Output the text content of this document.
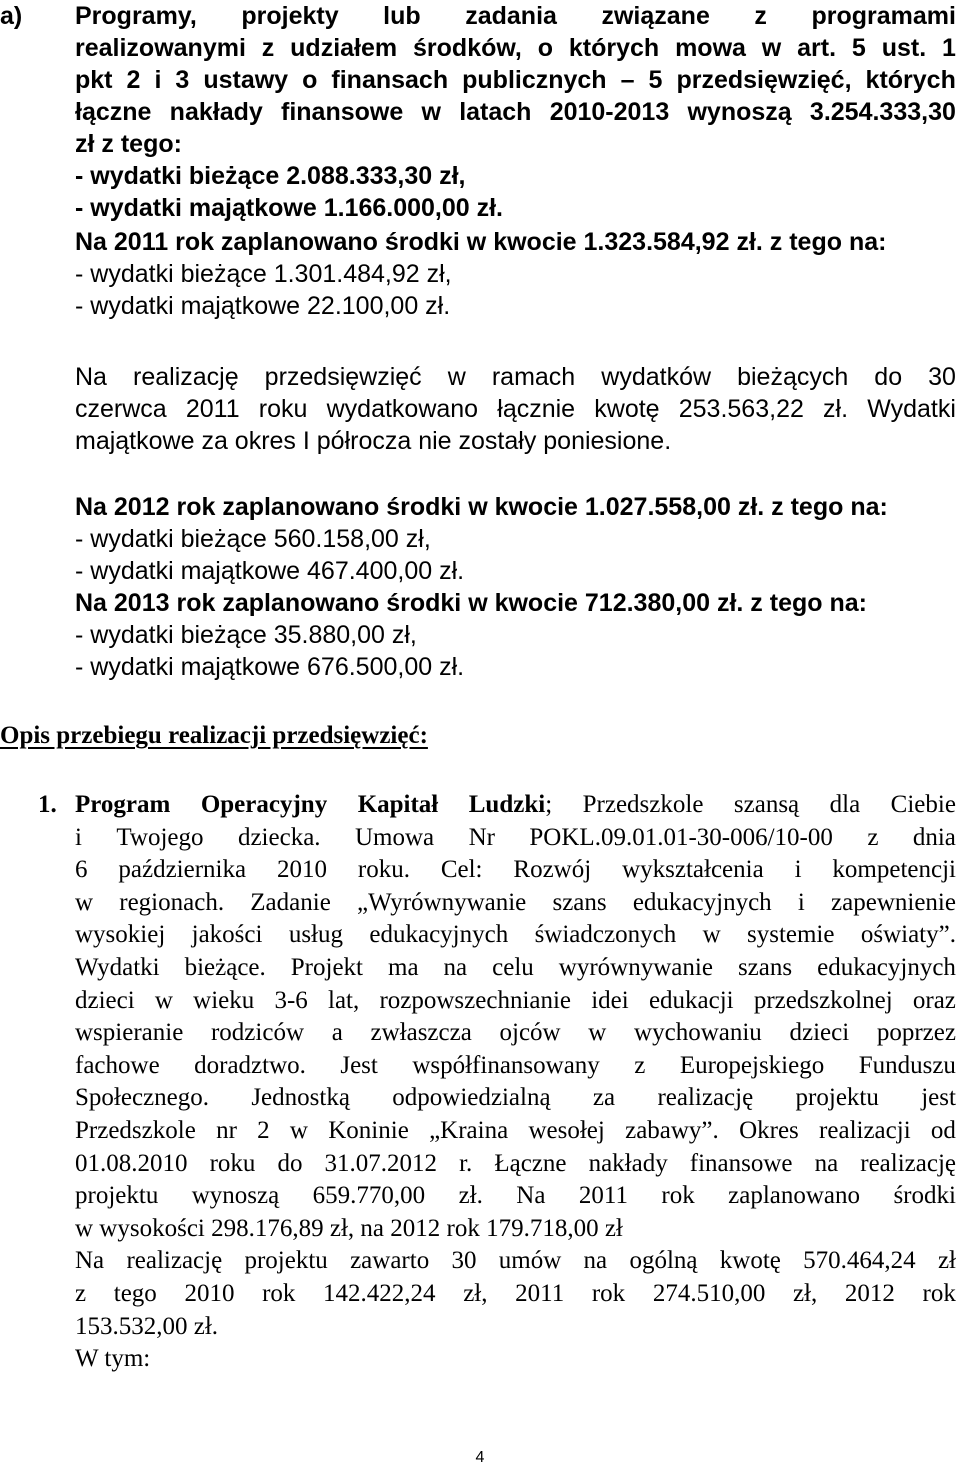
a) Programy, projekty lub zadania związane z programami
realizowanymi z udziałem środków, o których mowa w art. 5 ust. 1
pkt 2 i 3 ustawy o finansach publicznych – 5 przedsięwzięć, których
łączne nakłady finansowe w latach 2010-2013 wynoszą 3.254.333,30
zł z tego:
- wydatki bieżące 2.088.333,30 zł,
- wydatki majątkowe 1.166.000,00 zł.
Na 2011 rok zaplanowano środki w kwocie 1.323.584,92 zł. z tego na:
- wydatki bieżące 1.301.484,92 zł,
- wydatki majątkowe 22.100,00 zł.
Na realizację przedsięwzięć w ramach wydatków bieżących do 30
czerwca 2011 roku wydatkowano łącznie kwotę 253.563,22 zł. Wydatki
majątkowe za okres I półrocza nie zostały poniesione.
Na 2012 rok zaplanowano środki w kwocie 1.027.558,00 zł. z tego na:
- wydatki bieżące 560.158,00 zł,
- wydatki majątkowe 467.400,00 zł.
Na 2013 rok zaplanowano środki w kwocie 712.380,00 zł. z tego na:
- wydatki bieżące 35.880,00 zł,
- wydatki majątkowe 676.500,00 zł.
Opis przebiegu realizacji przedsięwzięć:
1. Program Operacyjny Kapitał Ludzki; Przedszkole szansą dla Ciebie
i Twojego dziecka. Umowa Nr POKL.09.01.01-30-006/10-00 z dnia
6 października 2010 roku. Cel: Rozwój wykształcenia i kompetencji
w regionach. Zadanie „Wyrównywanie szans edukacyjnych i zapewnienie
wysokiej jakości usług edukacyjnych świadczonych w systemie oświaty”.
Wydatki bieżące. Projekt ma na celu wyrównywanie szans edukacyjnych
dzieci w wieku 3-6 lat, rozpowszechnianie idei edukacji przedszkolnej oraz
wspieranie rodziców a zwłaszcza ojców w wychowaniu dzieci poprzez
fachowe doradztwo. Jest współfinansowany z Europejskiego Funduszu
Społecznego. Jednostką odpowiedzialną za realizację projektu jest
Przedszkole nr 2 w Koninie „Kraina wesołej zabawy”. Okres realizacji od
01.08.2010 roku do 31.07.2012 r. Łączne nakłady finansowe na realizację
projektu wynoszą 659.770,00 zł. Na 2011 rok zaplanowano środki
w wysokości 298.176,89 zł, na 2012 rok 179.718,00 zł
Na realizację projektu zawarto 30 umów na ogólną kwotę 570.464,24 zł
z tego 2010 rok 142.422,24 zł, 2011 rok 274.510,00 zł, 2012 rok
153.532,00 zł.
W tym:
4
